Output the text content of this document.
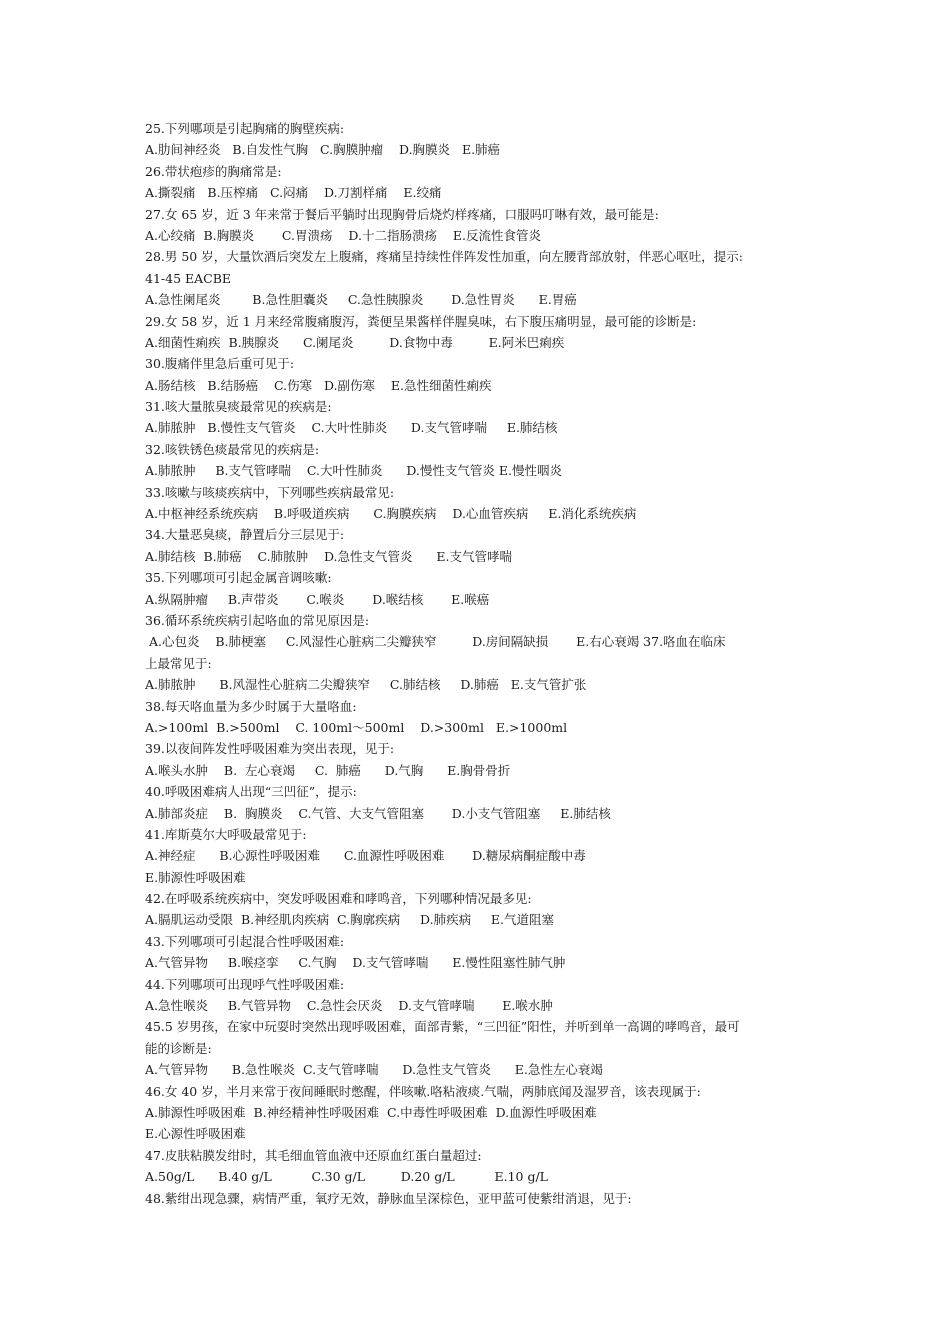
25.下列哪项是引起胸痛的胸壁疾病:
A.肋间神经炎   B.自发性气胸   C.胸膜肿瘤    D.胸膜炎   E.肺癌
26.带状疱疹的胸痛常是:
A.撕裂痛   B.压榨痛   C.闷痛    D.刀割样痛    E.绞痛
27.女 65 岁，近 3 年来常于餐后平躺时出现胸骨后烧灼样疼痛，口服吗叮啉有效，最可能是:
A.心绞痛  B.胸膜炎       C.胃溃疡    D.十二指肠溃疡    E.反流性食管炎
28.男 50 岁，大量饮酒后突发左上腹痛，疼痛呈持续性伴阵发性加重，向左腰背部放射，伴恶心呕吐，提示:
41-45 EACBE
A.急性阑尾炎        B.急性胆囊炎     C.急性胰腺炎       D.急性胃炎      E.胃癌
29.女 58 岁，近 1 月来经常腹痛腹泻，粪便呈果酱样伴腥臭味，右下腹压痛明显，最可能的诊断是:
A.细菌性痢疾  B.胰腺炎      C.阑尾炎         D.食物中毒         E.阿米巴痢疾
30.腹痛伴里急后重可见于:
A.肠结核   B.结肠癌    C.伤寒   D.副伤寒    E.急性细菌性痢疾
31.咳大量脓臭痰最常见的疾病是:
A.肺脓肿   B.慢性支气管炎    C.大叶性肺炎      D.支气管哮喘     E.肺结核
32.咳铁锈色痰最常见的疾病是:
A.肺脓肿     B.支气管哮喘    C.大叶性肺炎      D.慢性支气管炎 E.慢性咽炎
33.咳嗽与咳痰疾病中，下列哪些疾病最常见:
A.中枢神经系统疾病    B.呼吸道疾病      C.胸膜疾病    D.心血管疾病     E.消化系统疾病
34.大量恶臭痰，静置后分三层见于:
A.肺结核  B.肺癌    C.肺脓肿    D.急性支气管炎      E.支气管哮喘
35.下列哪项可引起金属音调咳嗽:
A.纵隔肿瘤     B.声带炎       C.喉炎       D.喉结核       E.喉癌
36.循环系统疾病引起咯血的常见原因是:
A.心包炎    B.肺梗塞     C.风湿性心脏病二尖瓣狭窄         D.房间隔缺损       E.右心衰竭 37.咯血在临床
上最常见于:
A.肺脓肿      B.风湿性心脏病二尖瓣狭窄     C.肺结核     D.肺癌   E.支气管扩张
38.每天咯血量为多少时属于大量咯血:
A.>100ml  B.>500ml    C. 100ml～500ml    D.>300ml   E.>1000ml
39.以夜间阵发性呼吸困难为突出表现，见于:
A.喉头水肿    B.  左心衰竭     C.  肺癌      D.气胸      E.胸骨骨折
40.呼吸困难病人出现“三凹征”，提示:
A.肺部炎症    B.  胸膜炎    C.气管、大支气管阻塞       D.小支气管阻塞     E.肺结核
41.库斯莫尔大呼吸最常见于:
A.神经症      B.心源性呼吸困难      C.血源性呼吸困难       D.糖尿病酮症酸中毒
E.肺源性呼吸困难
42.在呼吸系统疾病中，突发呼吸困难和哮鸣音，下列哪种情况最多见:
A.膈肌运动受限  B.神经肌肉疾病  C.胸廓疾病     D.肺疾病     E.气道阻塞
43.下列哪项可引起混合性呼吸困难:
A.气管异物     B.喉痉挛     C.气胸    D.支气管哮喘      E.慢性阻塞性肺气肿
44.下列哪项可出现呼气性呼吸困难:
A.急性喉炎     B.气管异物    C.急性会厌炎    D.支气管哮喘       E.喉水肿
45.5 岁男孩，在家中玩耍时突然出现呼吸困难，面部青紫，“三凹征”阳性，并听到单一高调的哮鸣音，最可
能的诊断是:
A.气管异物      B.急性喉炎  C.支气管哮喘      D.急性支气管炎      E.急性左心衰竭
46.女 40 岁，半月来常于夜间睡眠时憋醒，伴咳嗽.咯粘液痰.气喘，两肺底闻及湿罗音，该表现属于:
A.肺源性呼吸困难  B.神经精神性呼吸困难  C.中毒性呼吸困难  D.血源性呼吸困难
E.心源性呼吸困难
47.皮肤粘膜发绀时，其毛细血管血液中还原血红蛋白量超过:
A.50g/L      B.40 g/L          C.30 g/L         D.20 g/L          E.10 g/L
48.紫绀出现急骤，病情严重，氧疗无效，静脉血呈深棕色，亚甲蓝可使紫绀消退，见于:
